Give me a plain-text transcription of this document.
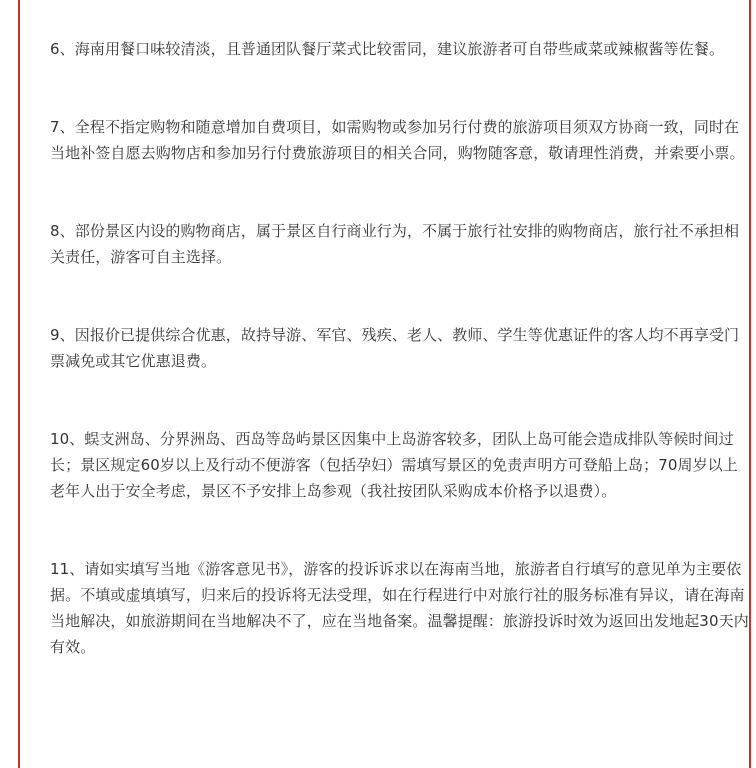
6、海南用餐口味较清淡，且普通团队餐厅菜式比较雷同，建议旅游者可自带些咸菜或辣椒酱等佐餐。

7、全程不指定购物和随意增加自费项目，如需购物或参加另行付费的旅游项目须双方协商一致，同时在当地补签自愿去购物店和参加另行付费旅游项目的相关合同，购物随客意，敬请理性消费，并索要小票。

8、部份景区内设的购物商店，属于景区自行商业行为，不属于旅行社安排的购物商店，旅行社不承担相关责任，游客可自主选择。

9、因报价已提供综合优惠，故持导游、军官、残疾、老人、教师、学生等优惠证件的客人均不再享受门票减免或其它优惠退费。

10、蜈支洲岛、分界洲岛、西岛等岛屿景区因集中上岛游客较多，团队上岛可能会造成排队等候时间过长；景区规定60岁以上及行动不便游客（包括孕妇）需填写景区的免责声明方可登船上岛；70周岁以上老年人出于安全考虑，景区不予安排上岛参观（我社按团队采购成本价格予以退费）。

11、请如实填写当地《游客意见书》，游客的投诉诉求以在海南当地，旅游者自行填写的意见单为主要依据。不填或虚填填写，归来后的投诉将无法受理，如在行程进行中对旅行社的服务标准有异议，请在海南当地解决，如旅游期间在当地解决不了，应在当地备案。温馨提醒：旅游投诉时效为返回出发地起30天内有效。
